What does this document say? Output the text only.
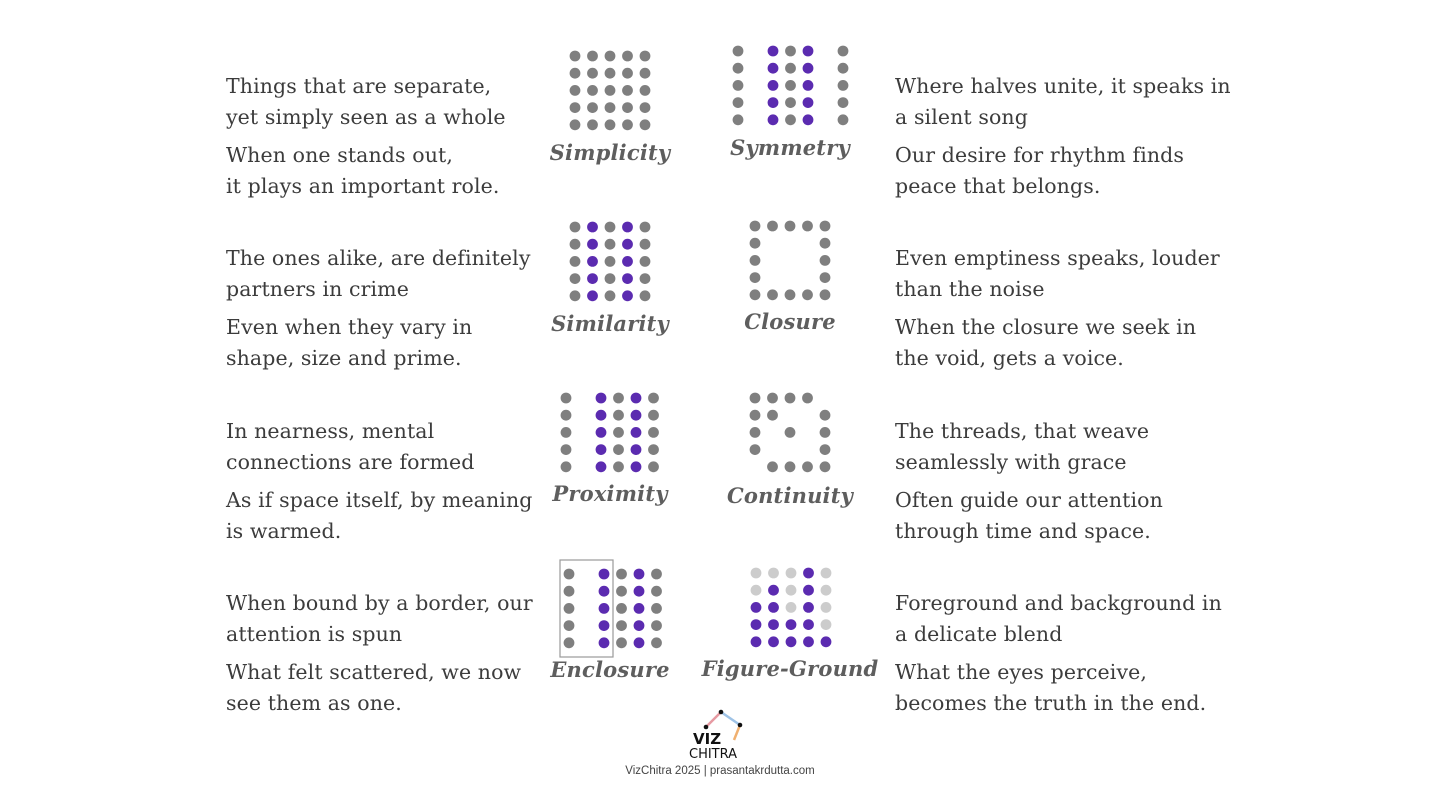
Things that are separate,
yet simply seen as a whole

When one stands out,
it plays an important role.

The ones alike, are definitely
partners in crime

Even when they vary in
shape, size and prime.

In nearness, mental
connections are formed

As if space itself, by meaning
is warmed.

When bound by a border, our
attention is spun

What felt scattered, we now
see them as one.

Where halves unite, it speaks in
a silent song

Our desire for rhythm finds
peace that belongs.

Even emptiness speaks, louder
than the noise

When the closure we seek in
the void, gets a voice.

The threads, that weave
seamlessly with grace

Often guide our attention
through time and space.

Foreground and background in
a delicate blend

What the eyes perceive,
becomes the truth in the end.

Simplicity	Symmetry
Similarity	Closure
Proximity	Continuity
Enclosure	Figure-Ground
VIZ
CHITRA
VizChitra 2025 | prasantakrdutta.com
